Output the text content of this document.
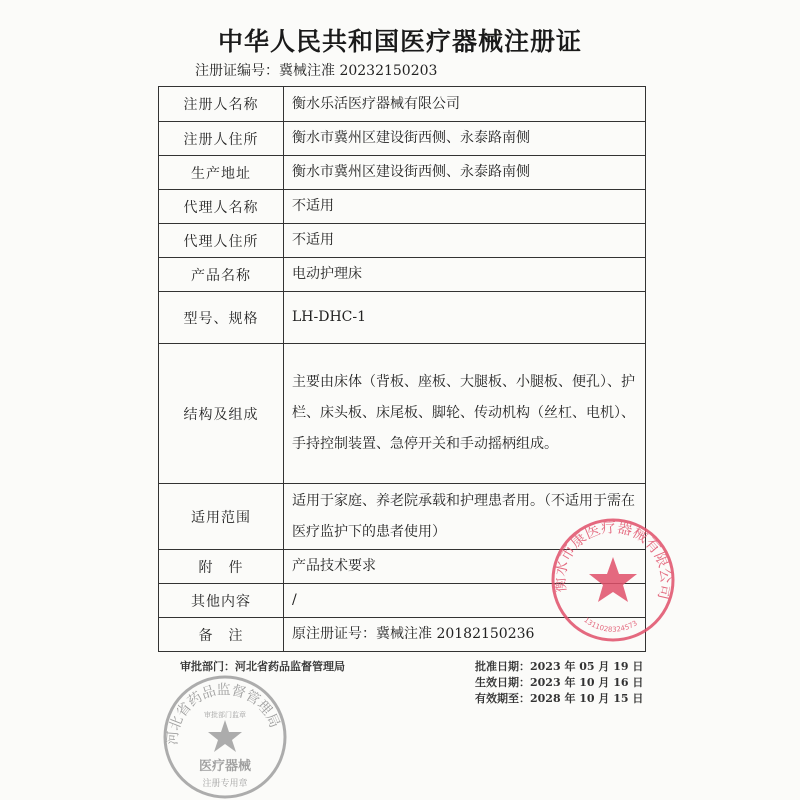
中华人民共和国医疗器械注册证
注册证编号：冀械注准 20232150203
注册人名称	衡水乐活医疗器械有限公司
注册人住所	衡水市冀州区建设街西侧、永泰路南侧
生产地址	衡水市冀州区建设街西侧、永泰路南侧
代理人名称	不适用
代理人住所	不适用
产品名称	电动护理床
型号、规格	LH-DHC-1
结构及组成	主要由床体（背板、座板、大腿板、小腿板、便孔）、护栏、床头板、床尾板、脚轮、传动机构（丝杠、电机）、手持控制装置、急停开关和手动摇柄组成。
适用范围	适用于家庭、养老院承载和护理患者用。（不适用于需在医疗监护下的患者使用）
附　件	产品技术要求
其他内容	/
备　注	原注册证号：冀械注准 20182150236
审批部门：河北省药品监督管理局	批准日期：2023 年 05 月 19 日
生效日期：2023 年 10 月 16 日
有效期至：2028 年 10 月 15 日
衡水市康医疗器械有限公司
1311028324573
河北省药品监督管理局
审批部门监章
医疗器械
注册专用章
